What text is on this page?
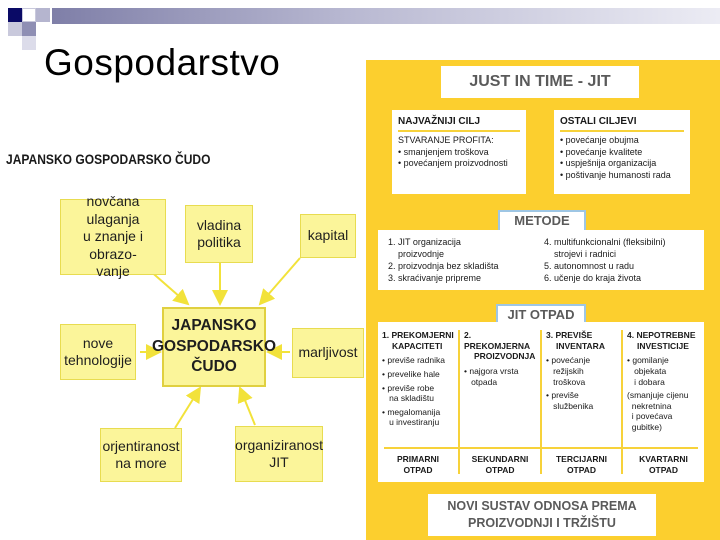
Gospodarstvo
JAPANSKO GOSPODARSKO ČUDO
novčana ulaganja
u znanje i obrazo-
vanje
vladina
politika	kapital
nove
tehnologije
JAPANSKO
GOSPODARSKO
ČUDO
marljivost
orjentiranost
na more
organiziranost
JIT
JUST IN TIME - JIT
NAJVAŽNIJI CILJ
STVARANJE PROFITA:
• smanjenjem troškova
• povećanjem proizvodnosti
OSTALI CILJEVI
• povećanje obujma
• povećanje kvalitete
• uspješnija organizacija
• poštivanje humanosti rada
METODE
1. JIT organizacija
proizvodnje
2. proizvodnja bez skladišta
3. skraćivanje pripreme
4. multifunkcionalni (fleksibilni)
strojevi i radnici
5. autonomnost u radu
6. učenje do kraja života
JIT OTPAD
1. PREKOMJERNI
KAPACITETI
• previše radnika
• prevelike hale
• previše robe
na skladištu
• megalomanija
u investiranju
PRIMARNI
OTPAD
2. PREKOMJERNA
PROIZVODNJA
• najgora vrsta
otpada
SEKUNDARNI
OTPAD
3. PREVIŠE
INVENTARA
• povećanje
režijskih
troškova
• previše
službenika
TERCIJARNI
OTPAD
4. NEPOTREBNE
INVESTICIJE
• gomilanje
objekata
i dobara
(smanjuje cijenu
nekretnina
i povećava
gubitke)
KVARTARNI
OTPAD
NOVI SUSTAV ODNOSA PREMA
PROIZVODNJI I TRŽIŠTU
